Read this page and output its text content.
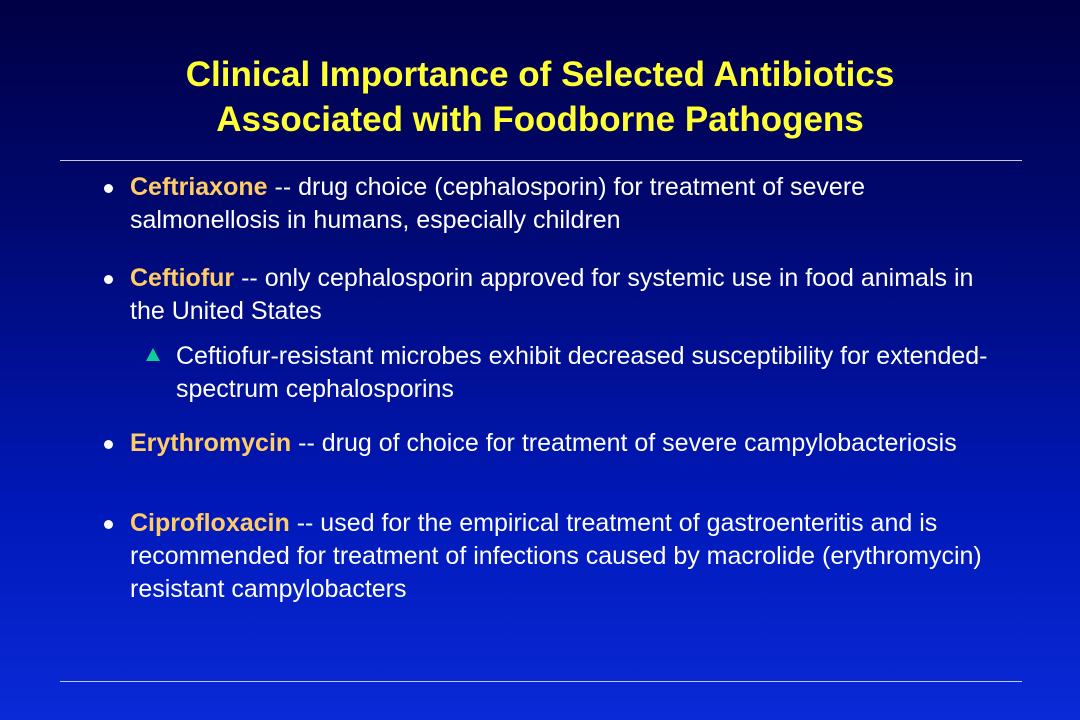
Clinical Importance of Selected Antibiotics
Associated with Foodborne Pathogens
Ceftriaxone -- drug choice (cephalosporin) for treatment of severe salmonellosis in humans, especially children
Ceftiofur -- only cephalosporin approved for systemic use in food animals in the United States
Ceftiofur-resistant microbes exhibit decreased susceptibility for extended-spectrum cephalosporins
Erythromycin -- drug of choice for treatment of severe campylobacteriosis
Ciprofloxacin -- used for the empirical treatment of gastroenteritis and is recommended for treatment of infections caused by macrolide (erythromycin) resistant campylobacters
